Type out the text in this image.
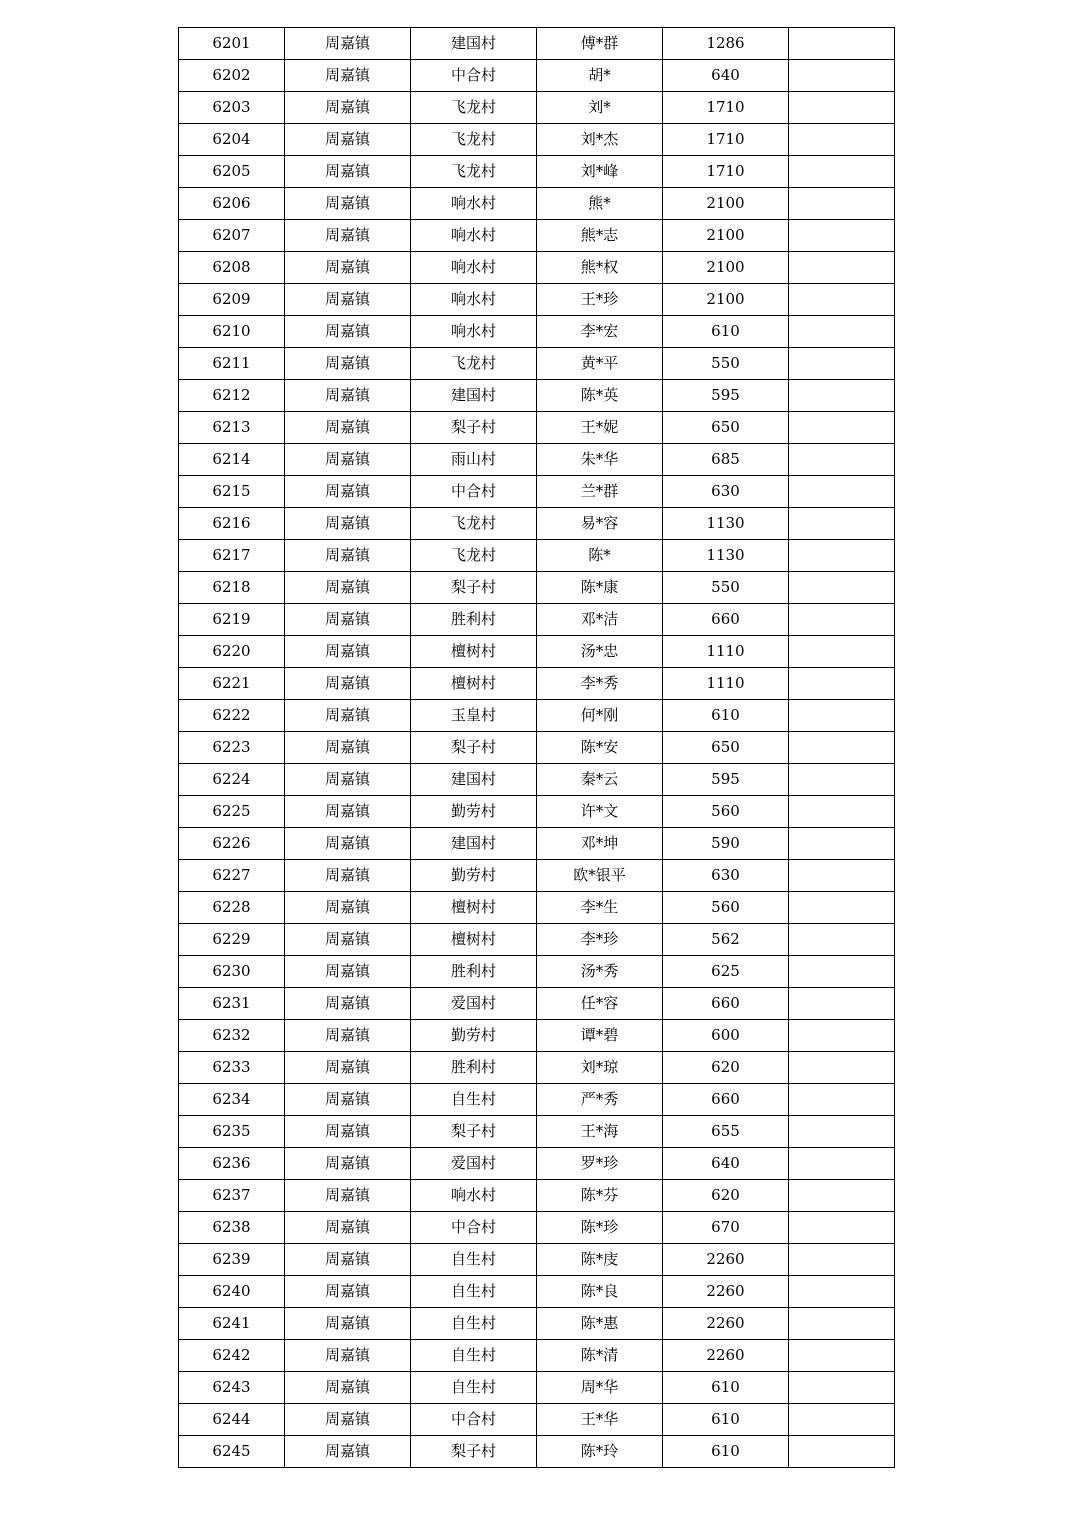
6201	周嘉镇	建国村	傅*群	1286	
6202	周嘉镇	中合村	胡*	640	
6203	周嘉镇	飞龙村	刘*	1710	
6204	周嘉镇	飞龙村	刘*杰	1710	
6205	周嘉镇	飞龙村	刘*峰	1710	
6206	周嘉镇	响水村	熊*	2100	
6207	周嘉镇	响水村	熊*志	2100	
6208	周嘉镇	响水村	熊*权	2100	
6209	周嘉镇	响水村	王*珍	2100	
6210	周嘉镇	响水村	李*宏	610	
6211	周嘉镇	飞龙村	黄*平	550	
6212	周嘉镇	建国村	陈*英	595	
6213	周嘉镇	梨子村	王*妮	650	
6214	周嘉镇	雨山村	朱*华	685	
6215	周嘉镇	中合村	兰*群	630	
6216	周嘉镇	飞龙村	易*容	1130	
6217	周嘉镇	飞龙村	陈*	1130	
6218	周嘉镇	梨子村	陈*康	550	
6219	周嘉镇	胜利村	邓*洁	660	
6220	周嘉镇	檀树村	汤*忠	1110	
6221	周嘉镇	檀树村	李*秀	1110	
6222	周嘉镇	玉皇村	何*刚	610	
6223	周嘉镇	梨子村	陈*安	650	
6224	周嘉镇	建国村	秦*云	595	
6225	周嘉镇	勤劳村	许*文	560	
6226	周嘉镇	建国村	邓*坤	590	
6227	周嘉镇	勤劳村	欧*银平	630	
6228	周嘉镇	檀树村	李*生	560	
6229	周嘉镇	檀树村	李*珍	562	
6230	周嘉镇	胜利村	汤*秀	625	
6231	周嘉镇	爱国村	任*容	660	
6232	周嘉镇	勤劳村	谭*碧	600	
6233	周嘉镇	胜利村	刘*琼	620	
6234	周嘉镇	自生村	严*秀	660	
6235	周嘉镇	梨子村	王*海	655	
6236	周嘉镇	爱国村	罗*珍	640	
6237	周嘉镇	响水村	陈*芬	620	
6238	周嘉镇	中合村	陈*珍	670	
6239	周嘉镇	自生村	陈*庋	2260	
6240	周嘉镇	自生村	陈*良	2260	
6241	周嘉镇	自生村	陈*惠	2260	
6242	周嘉镇	自生村	陈*清	2260	
6243	周嘉镇	自生村	周*华	610	
6244	周嘉镇	中合村	王*华	610	
6245	周嘉镇	梨子村	陈*玲	610	
